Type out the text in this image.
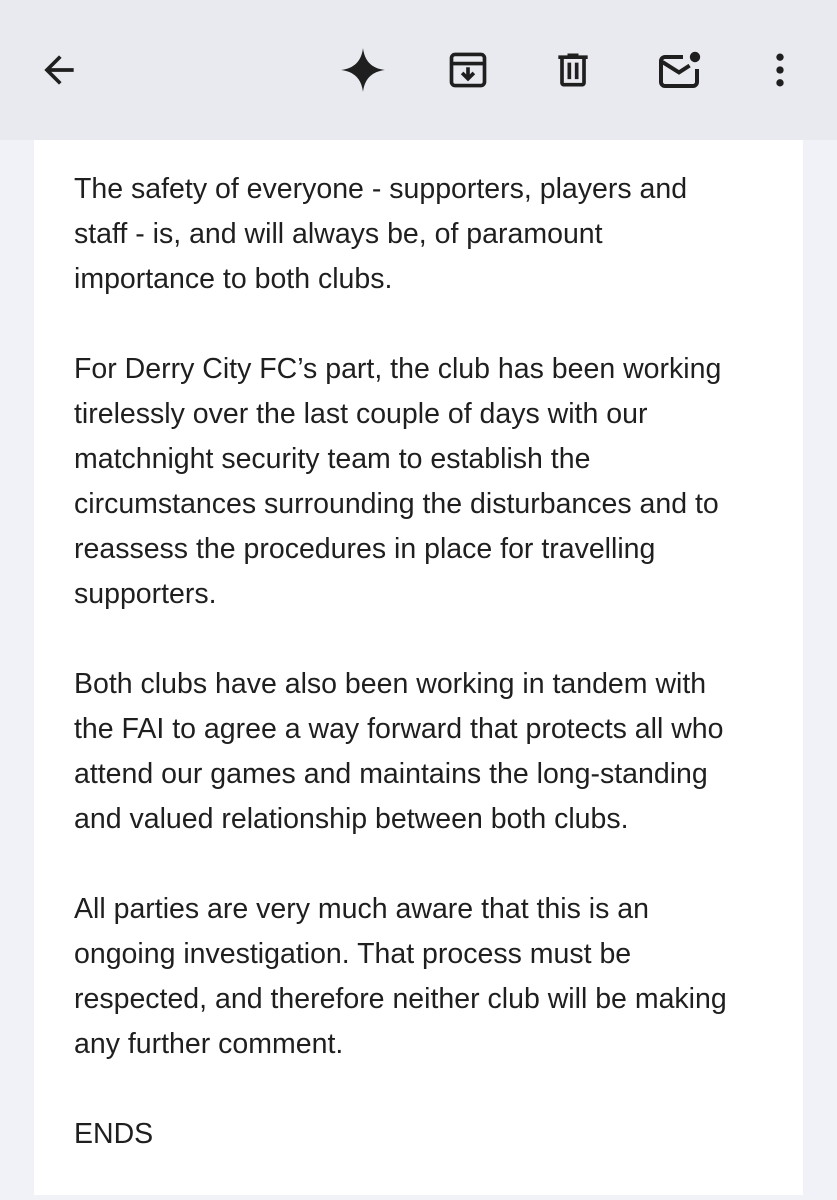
The safety of everyone - supporters, players and
staff - is, and will always be, of paramount
importance to both clubs.

For Derry City FC’s part, the club has been working
tirelessly over the last couple of days with our
matchnight security team to establish the
circumstances surrounding the disturbances and to
reassess the procedures in place for travelling
supporters.

Both clubs have also been working in tandem with
the FAI to agree a way forward that protects all who
attend our games and maintains the long-standing
and valued relationship between both clubs.

All parties are very much aware that this is an
ongoing investigation. That process must be
respected, and therefore neither club will be making
any further comment.

ENDS
